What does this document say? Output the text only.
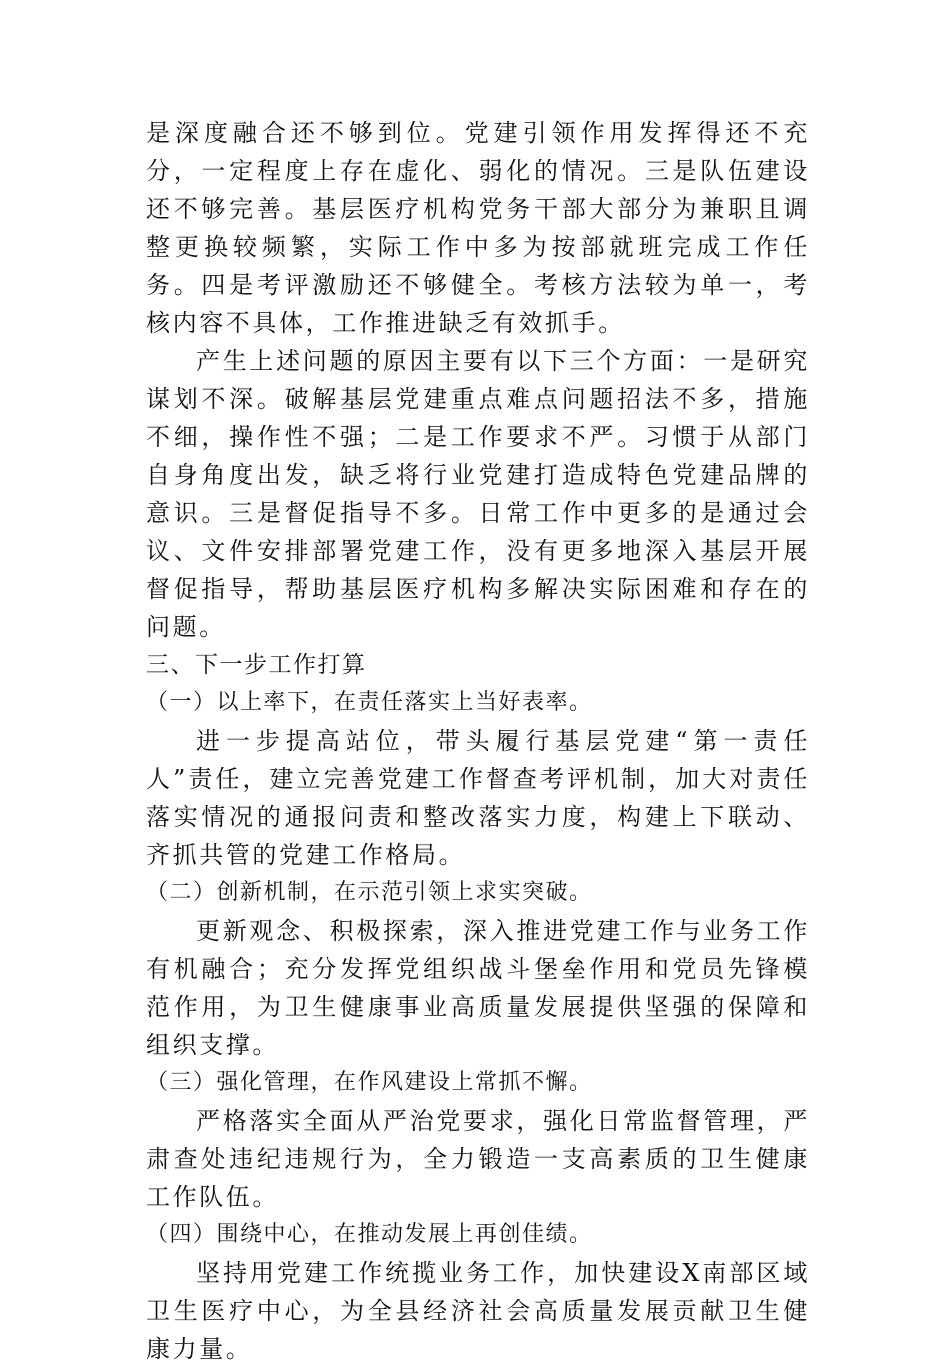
是深度融合还不够到位。党建引领作用发挥得还不充分，一定程度上存在虚化、弱化的情况。三是队伍建设还不够完善。基层医疗机构党务干部大部分为兼职且调整更换较频繁，实际工作中多为按部就班完成工作任务。四是考评激励还不够健全。考核方法较为单一，考核内容不具体，工作推进缺乏有效抓手。

产生上述问题的原因主要有以下三个方面：一是研究谋划不深。破解基层党建重点难点问题招法不多，措施不细，操作性不强；二是工作要求不严。习惯于从部门自身角度出发，缺乏将行业党建打造成特色党建品牌的意识。三是督促指导不多。日常工作中更多的是通过会议、文件安排部署党建工作，没有更多地深入基层开展督促指导，帮助基层医疗机构多解决实际困难和存在的问题。

三、下一步工作打算

（一）以上率下，在责任落实上当好表率。

进一步提高站位，带头履行基层党建“第一责任人”责任，建立完善党建工作督查考评机制，加大对责任落实情况的通报问责和整改落实力度，构建上下联动、齐抓共管的党建工作格局。

（二）创新机制，在示范引领上求实突破。

更新观念、积极探索，深入推进党建工作与业务工作有机融合；充分发挥党组织战斗堡垒作用和党员先锋模范作用，为卫生健康事业高质量发展提供坚强的保障和组织支撑。

（三）强化管理，在作风建设上常抓不懈。

严格落实全面从严治党要求，强化日常监督管理，严肃查处违纪违规行为，全力锻造一支高素质的卫生健康工作队伍。

（四）围绕中心，在推动发展上再创佳绩。

坚持用党建工作统揽业务工作，加快建设X南部区域卫生医疗中心，为全县经济社会高质量发展贡献卫生健康力量。
